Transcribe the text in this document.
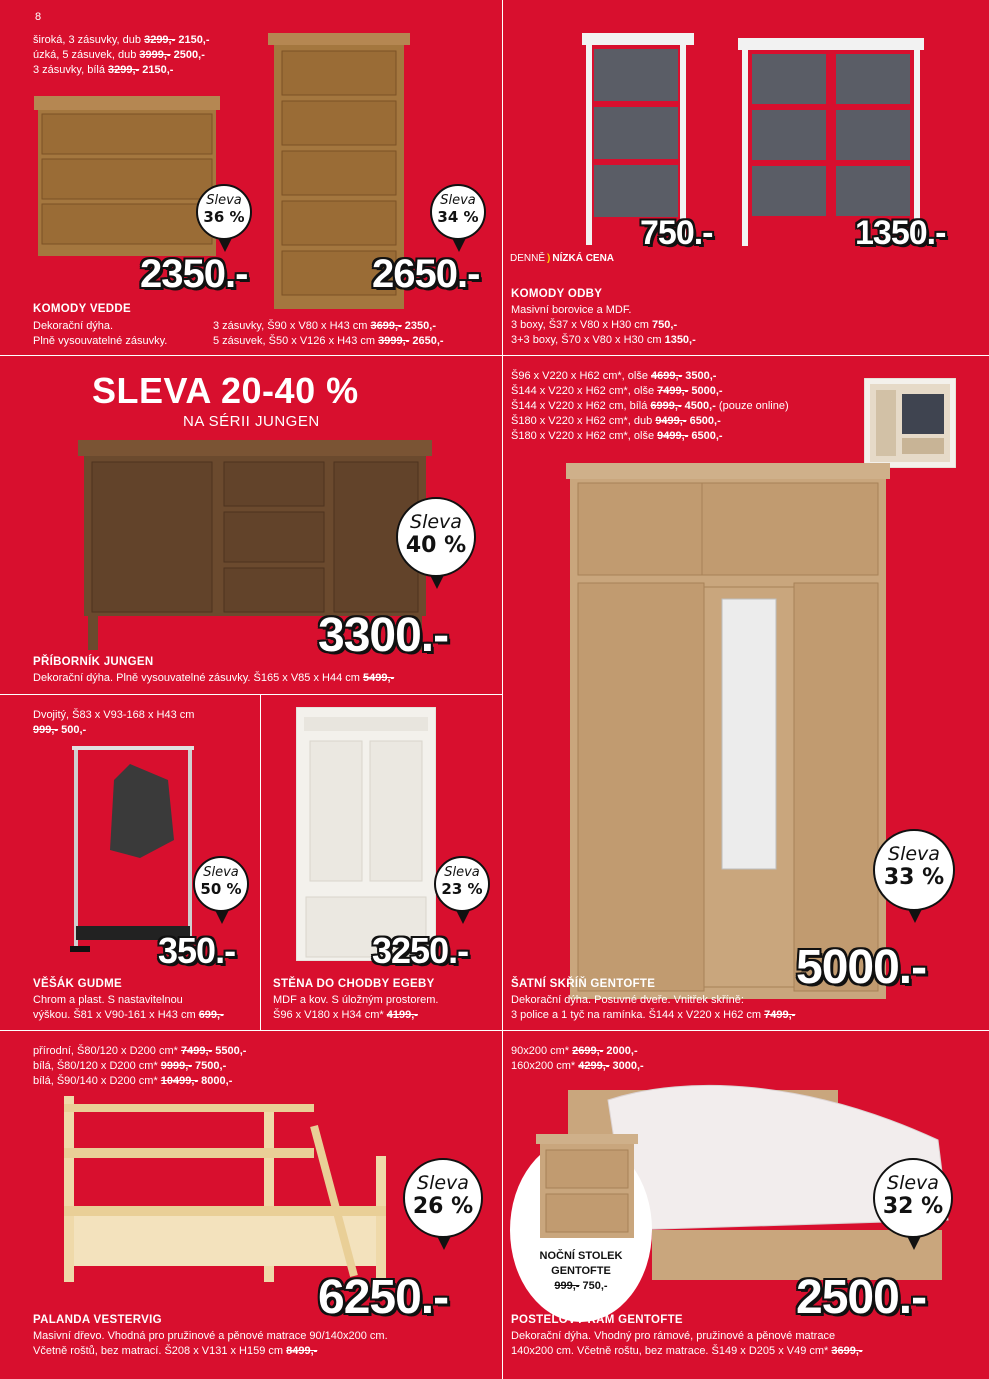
8
široká, 3 zásuvky, dub 3299,- 2150,-
úzká, 5 zásuvek, dub 3999,- 2500,-
3 zásuvky, bílá 3299,- 2150,-
Sleva
36 %
Sleva
34 %
2350.-	2650.-
KOMODY VEDDE
Dekorační dýha.
Plně vysouvatelné zásuvky.
3 zásuvky, Š90 x V80 x H43 cm 3699,- 2350,-
5 zásuvek, Š50 x V126 x H43 cm 3999,- 2650,-
750.-	1350.-
DENNĚ ) NÍZKÁ CENA
KOMODY ODBY
Masivní borovice a MDF.
3 boxy, Š37 x V80 x H30 cm 750,-
3+3 boxy, Š70 x V80 x H30 cm 1350,-
SLEVA 20-40 %
NA SÉRII JUNGEN
Sleva
40 %
3300.-
PŘÍBORNÍK JUNGEN
Dekorační dýha. Plně vysouvatelné zásuvky. Š165 x V85 x H44 cm 5499,-
Š96 x V220 x H62 cm*, olše 4699,- 3500,-
Š144 x V220 x H62 cm*, olše 7499,- 5000,-
Š144 x V220 x H62 cm, bílá 6999,- 4500,- (pouze online)
Š180 x V220 x H62 cm*, dub 9499,- 6500,-
Š180 x V220 x H62 cm*, olše 9499,- 6500,-
Sleva
33 %
5000.-
ŠATNÍ SKŘÍŇ GENTOFTE
Dekorační dýha. Posuvné dveře. Vnitřek skříně:
3 police a 1 tyč na ramínka. Š144 x V220 x H62 cm 7499,-
Dvojitý, Š83 x V93-168 x H43 cm
999,- 500,-
Sleva
50 %
350.-
VĚŠÁK GUDME
Chrom a plast. S nastavitelnou
výškou. Š81 x V90-161 x H43 cm 699,-
Sleva
23 %
3250.-
STĚNA DO CHODBY EGEBY
MDF a kov. S úložným prostorem.
Š96 x V180 x H34 cm* 4199,-
přírodní, Š80/120 x D200 cm* 7499,- 5500,-
bílá, Š80/120 x D200 cm* 9999,- 7500,-
bílá, Š90/140 x D200 cm* 10499,- 8000,-
Sleva
26 %
6250.-
PALANDA VESTERVIG
Masivní dřevo. Vhodná pro pružinové a pěnové matrace 90/140x200 cm.
Včetně roštů, bez matrací. Š208 x V131 x H159 cm 8499,-
90x200 cm* 2699,- 2000,-
160x200 cm* 4299,- 3000,-
NOČNÍ STOLEK
GENTOFTE
999,- 750,-
Sleva
32 %
2500.-
POSTELOVÝ RÁM GENTOFTE
Dekorační dýha. Vhodný pro rámové, pružinové a pěnové matrace
140x200 cm. Včetně roštu, bez matrace. Š149 x D205 x V49 cm* 3699,-
